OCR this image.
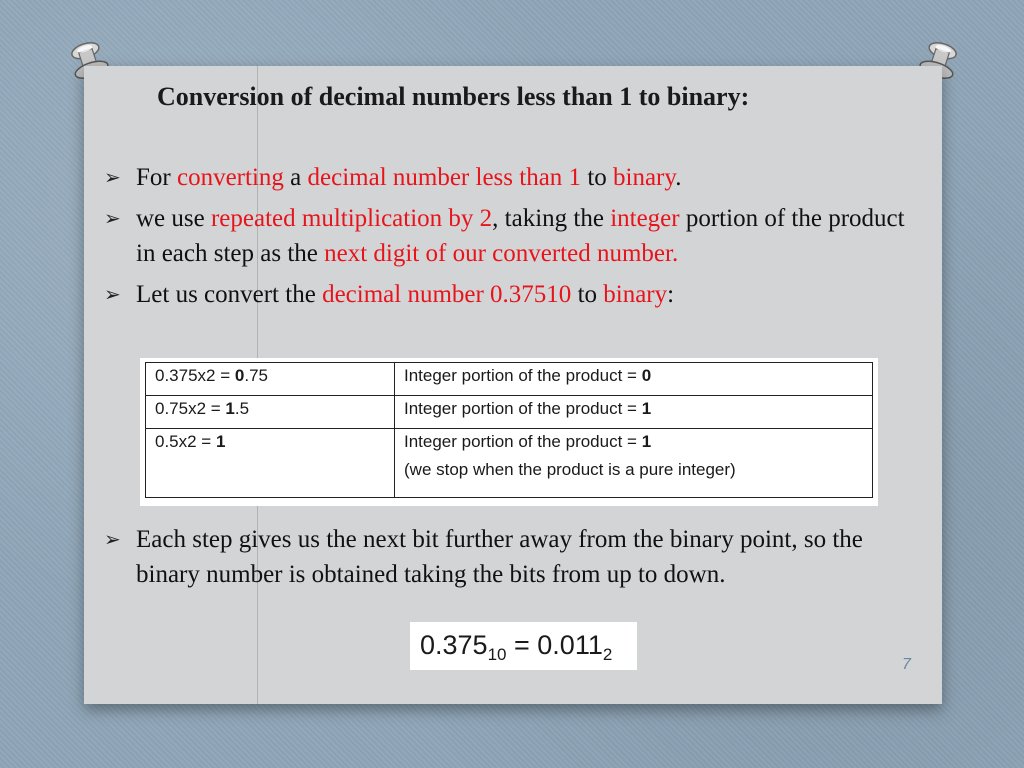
Conversion of decimal numbers less than 1 to binary:
➢ For converting a decimal number less than 1 to binary.
➢ we use repeated multiplication by 2, taking the integer portion of the product in each step as the next digit of our converted number.
➢ Let us convert the decimal number 0.37510 to binary:
0.375x2 = 0.75	Integer portion of the product = 0
0.75x2 = 1.5	Integer portion of the product = 1
0.5x2 = 1	Integer portion of the product = 1
(we stop when the product is a pure integer)
➢ Each step gives us the next bit further away from the binary point, so the binary number is obtained taking the bits from up to down.
$0.375_{10} = 0.011_2$
7
